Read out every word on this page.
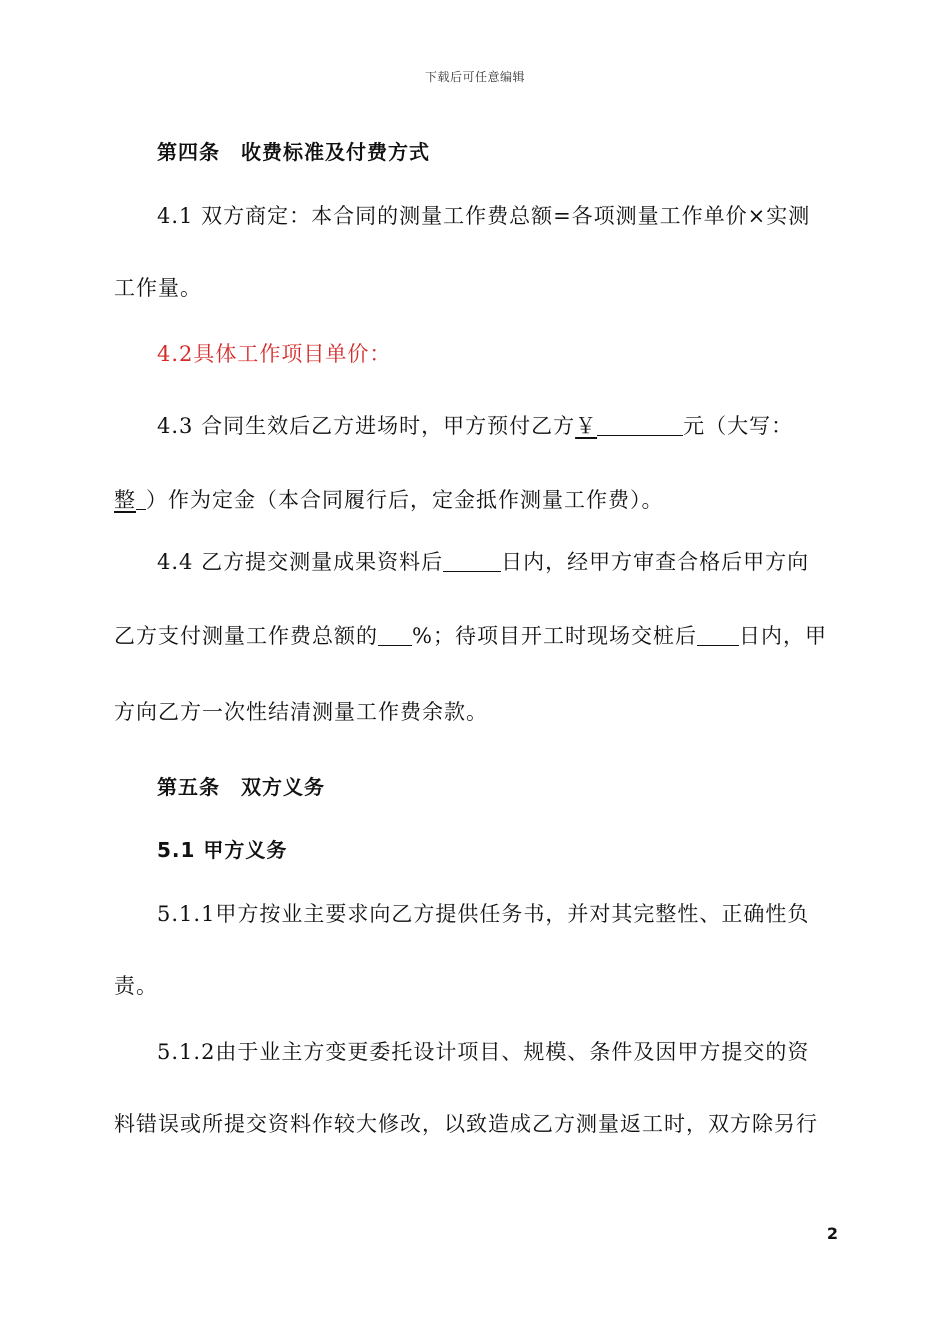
下载后可任意编辑
第四条　收费标准及付费方式
4.1 双方商定：本合同的测量工作费总额=各项测量工作单价×实测
工作量。
4.2具体工作项目单价：
4.3 合同生效后乙方进场时，甲方预付乙方￥	元（大写：
整 ）作为定金（本合同履行后，定金抵作测量工作费）。
4.4 乙方提交测量成果资料后	日内，经甲方审查合格后甲方向
乙方支付测量工作费总额的 %；待项目开工时现场交桩后 日内，甲
方向乙方一次性结清测量工作费余款。
第五条　双方义务
5.1 甲方义务
5.1.1甲方按业主要求向乙方提供任务书，并对其完整性、正确性负
责。
5.1.2由于业主方变更委托设计项目、规模、条件及因甲方提交的资
料错误或所提交资料作较大修改，以致造成乙方测量返工时，双方除另行
2
